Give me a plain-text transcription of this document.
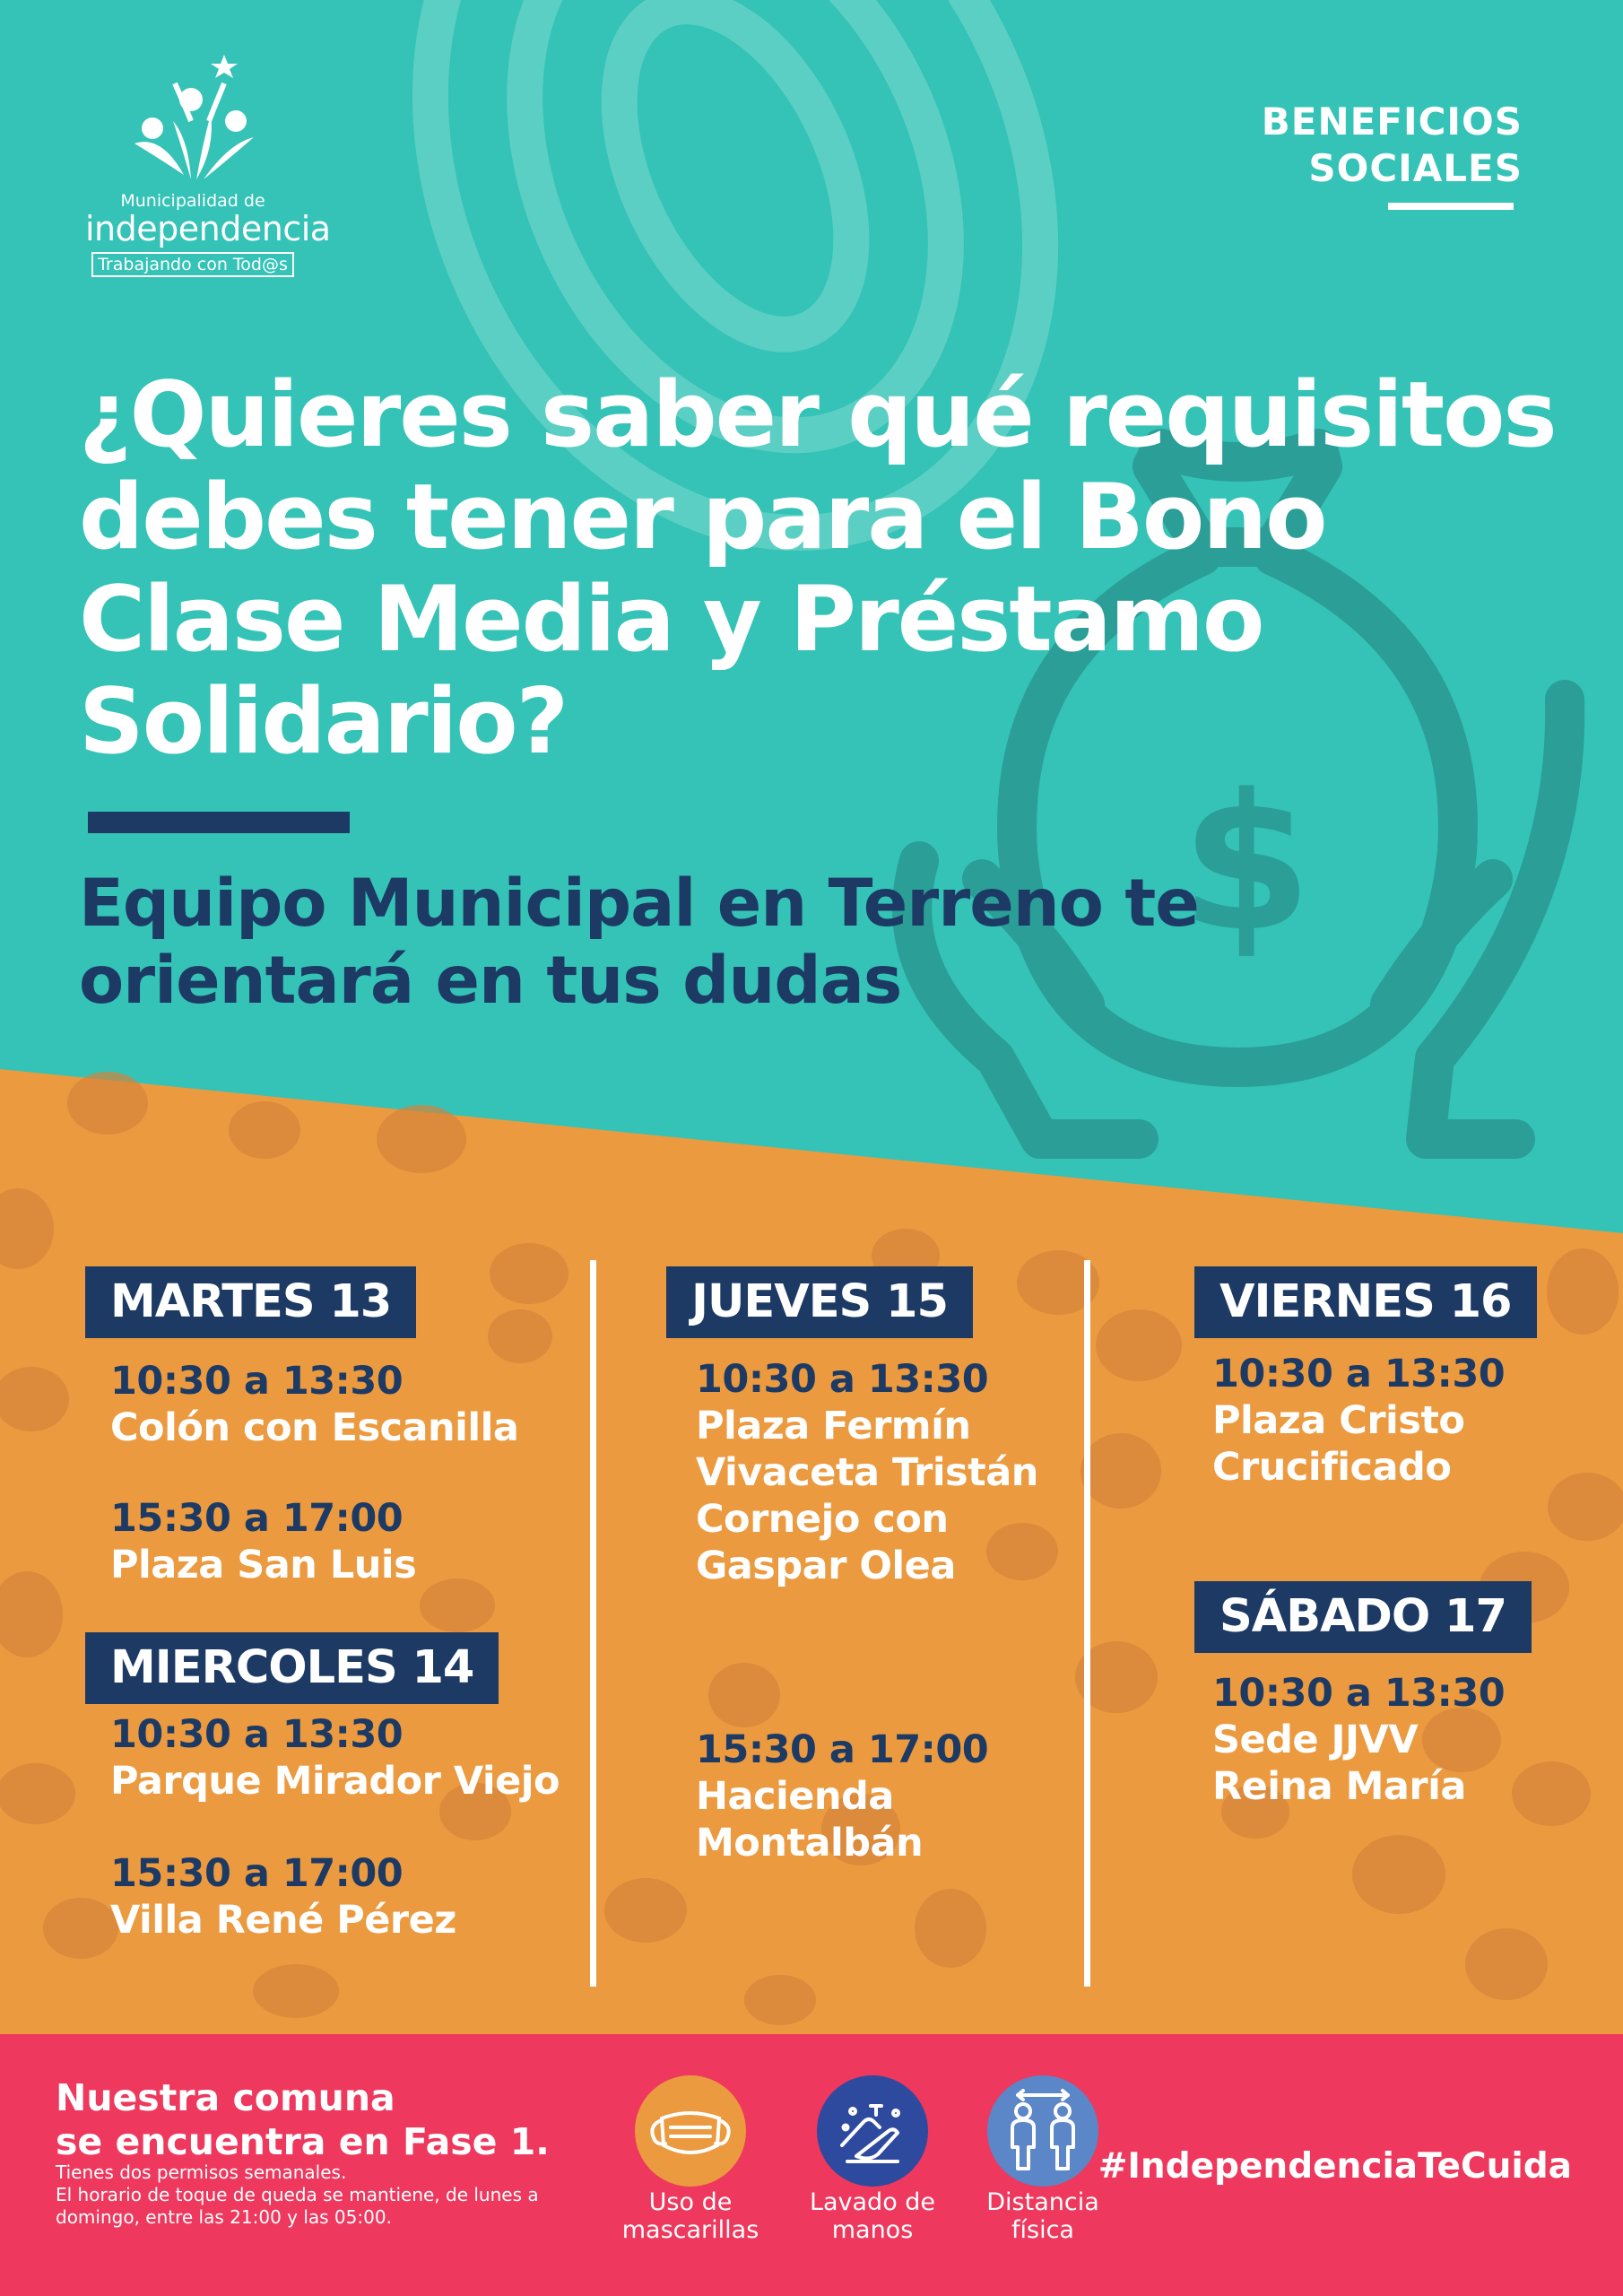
$
Municipalidad de
independencia
Trabajando con Tod@s
BENEFICIOS
SOCIALES
¿Quieres saber qué requisitos debes tener para el Bono Clase Media y Préstamo Solidario?
Equipo Municipal en Terreno te orientará en tus dudas
MARTES 13
10:30 a 13:30
Colón con Escanilla
15:30 a 17:00
Plaza San Luis
MIERCOLES 14
10:30 a 13:30
Parque Mirador Viejo
15:30 a 17:00
Villa René Pérez
JUEVES 15
10:30 a 13:30
Plaza Fermín Vivaceta Tristán Cornejo con Gaspar Olea
15:30 a 17:00
Hacienda Montalbán
VIERNES 16
10:30 a 13:30
Plaza Cristo Crucificado
SÁBADO 17
10:30 a 13:30
Sede JJVV Reina María
Nuestra comuna
se encuentra en Fase 1.
Tienes dos permisos semanales.
El horario de toque de queda se mantiene, de lunes a domingo, entre las 21:00 y las 05:00.
Uso de mascarillas
Lavado de manos
Distancia física
#IndependenciaTeCuida
